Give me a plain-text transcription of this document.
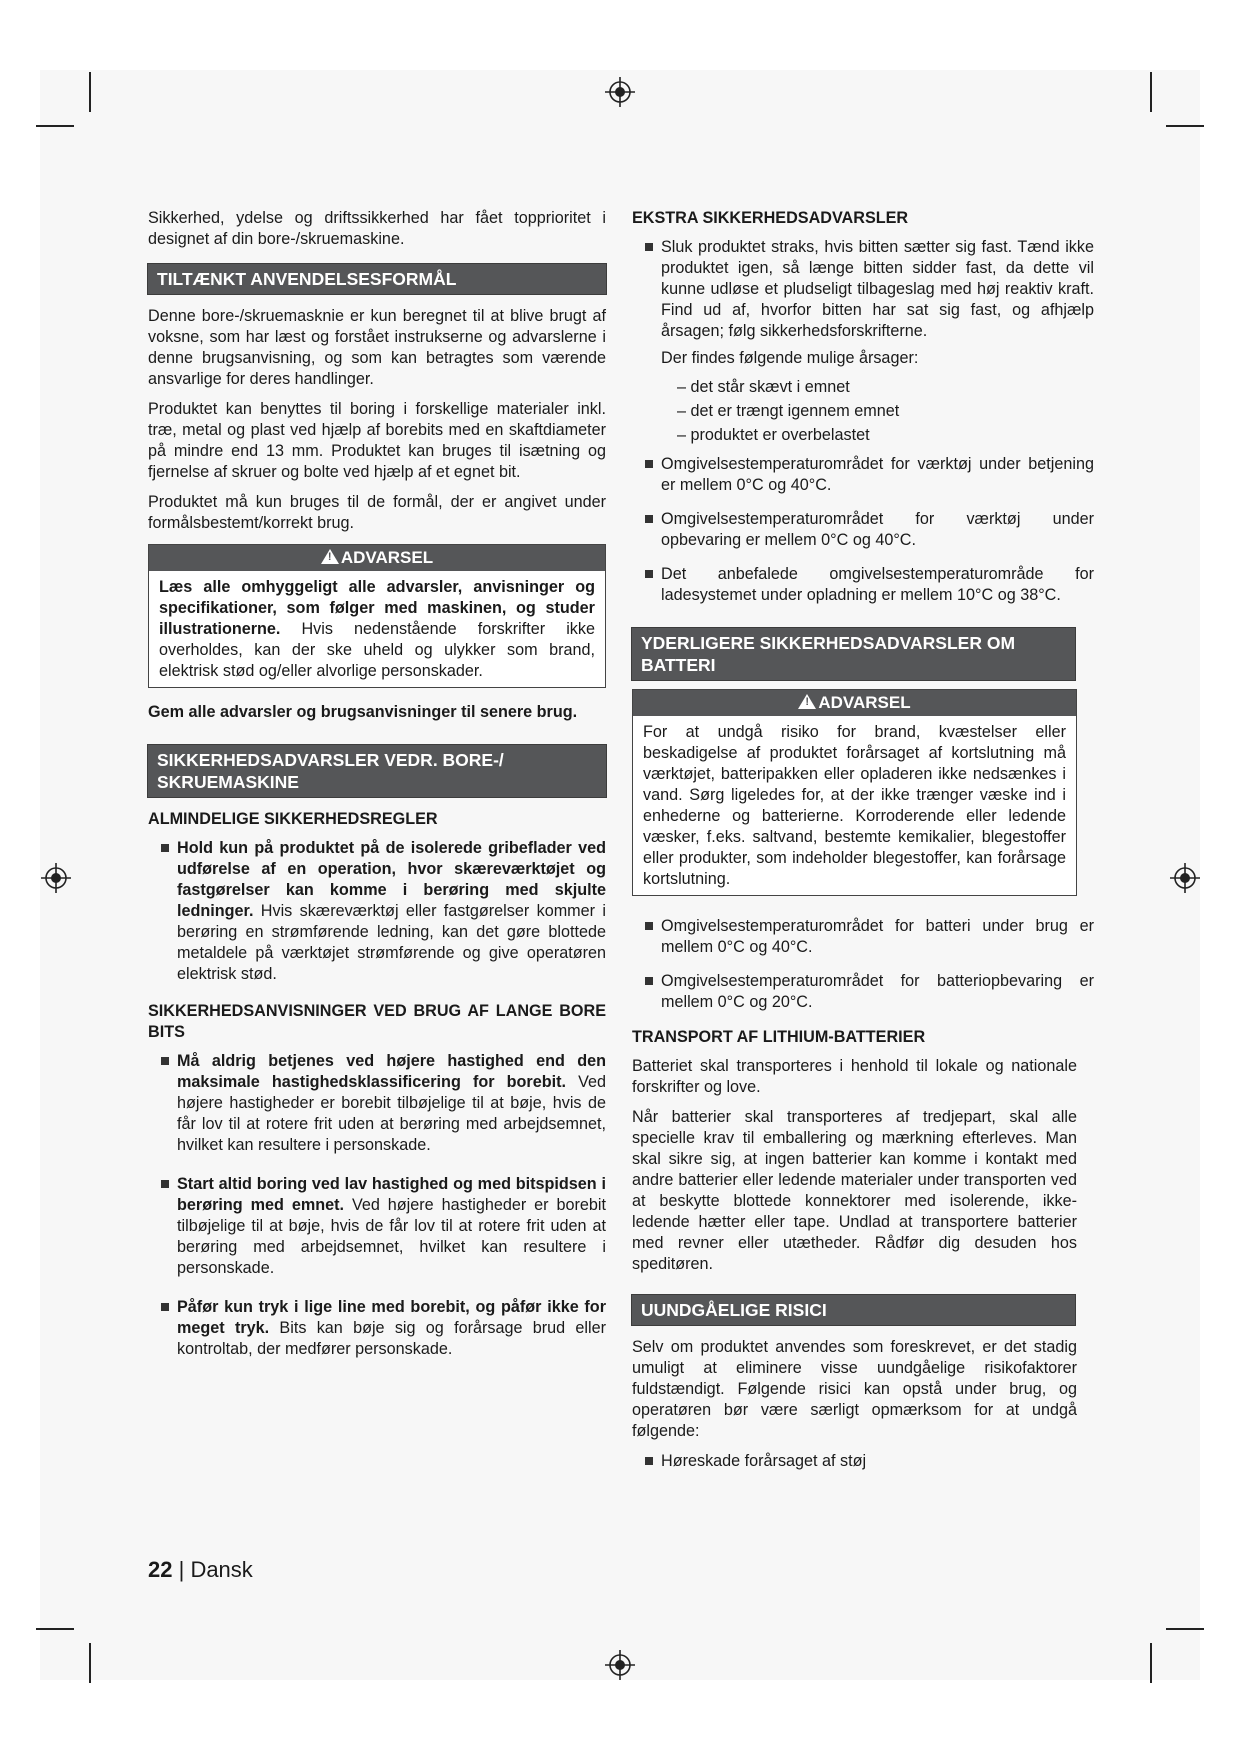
Sikkerhed, ydelse og driftssikkerhed har fået topprioritet i designet af din bore-/skruemaskine.

TILTÆNKT ANVENDELSESFORMÅL

Denne bore-/skruemasknie er kun beregnet til at blive brugt af voksne, som har læst og forstået instrukserne og advarslerne i denne brugsanvisning, og som kan betragtes som værende ansvarlige for deres handlinger.

Produktet kan benyttes til boring i forskellige materialer inkl. træ, metal og plast ved hjælp af borebits med en skaftdiameter på mindre end 13 mm. Produktet kan bruges til isætning og fjernelse af skruer og bolte ved hjælp af et egnet bit.

Produktet må kun bruges til de formål, der er angivet under formålsbestemt/korrekt brug.

! ADVARSEL
Læs alle omhyggeligt alle advarsler, anvisninger og specifikationer, som følger med maskinen, og studer illustrationerne. Hvis nedenstående forskrifter ikke overholdes, kan der ske uheld og ulykker som brand, elektrisk stød og/eller alvorlige personskader.

Gem alle advarsler og brugsanvisninger til senere brug.

SIKKERHEDSADVARSLER VEDR. BORE-/ SKRUEMASKINE
ALMINDELIGE SIKKERHEDSREGLER
Hold kun på produktet på de isolerede gribeflader ved udførelse af en operation, hvor skæreværktøjet og fastgørelser kan komme i berøring med skjulte ledninger. Hvis skæreværktøj eller fastgørelser kommer i berøring en strømførende ledning, kan det gøre blottede metaldele på værktøjet strømførende og give operatøren elektrisk stød.
SIKKERHEDSANVISNINGER VED BRUG AF LANGE BORE BITS
Må aldrig betjenes ved højere hastighed end den maksimale hastighedsklassificering for borebit. Ved højere hastigheder er borebit tilbøjelige til at bøje, hvis de får lov til at rotere frit uden at berøring med arbejdsemnet, hvilket kan resultere i personskade.
Start altid boring ved lav hastighed og med bitspidsen i berøring med emnet. Ved højere hastigheder er borebit tilbøjelige til at bøje, hvis de får lov til at rotere frit uden at berøring med arbejdsemnet, hvilket kan resultere i personskade.
Påfør kun tryk i lige line med borebit, og påfør ikke for meget tryk. Bits kan bøje sig og forårsage brud eller kontroltab, der medfører personskade.
EKSTRA SIKKERHEDSADVARSLER
Sluk produktet straks, hvis bitten sætter sig fast. Tænd ikke produktet igen, så længe bitten sidder fast, da dette vil kunne udløse et pludseligt tilbageslag med høj reaktiv kraft. Find ud af, hvorfor bitten har sat sig fast, og afhjælp årsagen; følg sikkerhedsforskrifterne.

Der findes følgende mulige årsager:

– det står skævt i emnet

– det er trængt igennem emnet

– produktet er overbelastet

Omgivelsestemperaturområdet for værktøj under betjening er mellem 0°C og 40°C.
Omgivelsestemperaturområdet for værktøj under opbevaring er mellem 0°C og 40°C.
Det anbefalede omgivelsestemperaturområde for ladesystemet under opladning er mellem 10°C og 38°C.
YDERLIGERE SIKKERHEDSADVARSLER OM BATTERI
! ADVARSEL
For at undgå risiko for brand, kvæstelser eller beskadigelse af produktet forårsaget af kortslutning må værktøjet, batteripakken eller opladeren ikke nedsænkes i vand. Sørg ligeledes for, at der ikke trænger væske ind i enhederne og batterierne. Korroderende eller ledende væsker, f.eks. saltvand, bestemte kemikalier, blegestoffer eller produkter, som indeholder blegestoffer, kan forårsage kortslutning.
Omgivelsestemperaturområdet for batteri under brug er mellem 0°C og 40°C.
Omgivelsestemperaturområdet for batteriopbevaring er mellem 0°C og 20°C.
TRANSPORT AF LITHIUM-BATTERIER

Batteriet skal transporteres i henhold til lokale og nationale forskrifter og love.

Når batterier skal transporteres af tredjepart, skal alle specielle krav til emballering og mærkning efterleves. Man skal sikre sig, at ingen batterier kan komme i kontakt med andre batterier eller ledende materialer under transporten ved at beskytte blottede konnektorer med isolerende, ikke-ledende hætter eller tape. Undlad at transportere batterier med revner eller utætheder. Rådfør dig desuden hos speditøren.

UUNDGÅELIGE RISICI

Selv om produktet anvendes som foreskrevet, er det stadig umuligt at eliminere visse uundgåelige risikofaktorer fuldstændigt. Følgende risici kan opstå under brug, og operatøren bør være særligt opmærksom for at undgå følgende:

Høreskade forårsaget af støj
22 | Dansk
